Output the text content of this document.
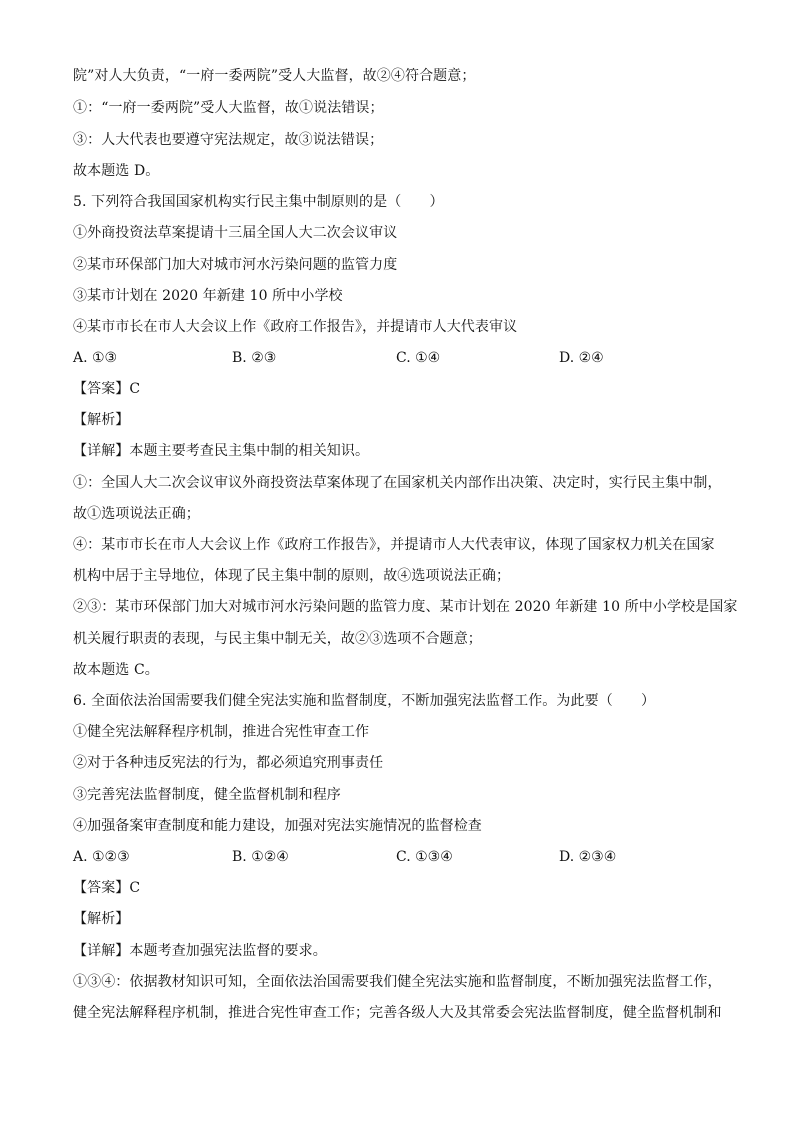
院”对人大负责，“一府一委两院”受人大监督，故②④符合题意；
①：“一府一委两院”受人大监督，故①说法错误；
③：人大代表也要遵守宪法规定，故③说法错误；
故本题选 D。
5. 下列符合我国国家机构实行民主集中制原则的是（　　）
①外商投资法草案提请十三届全国人大二次会议审议
②某市环保部门加大对城市河水污染问题的监管力度
③某市计划在 2020 年新建 10 所中小学校
④某市市长在市人大会议上作《政府工作报告》，并提请市人大代表审议
A. ①③	B. ②③	C. ①④	D. ②④
【答案】C
【解析】
【详解】本题主要考查民主集中制的相关知识。
①：全国人大二次会议审议外商投资法草案体现了在国家机关内部作出决策、决定时，实行民主集中制，
故①选项说法正确；
④：某市市长在市人大会议上作《政府工作报告》，并提请市人大代表审议，体现了国家权力机关在国家
机构中居于主导地位，体现了民主集中制的原则，故④选项说法正确；
②③：某市环保部门加大对城市河水污染问题的监管力度、某市计划在 2020 年新建 10 所中小学校是国家
机关履行职责的表现，与民主集中制无关，故②③选项不合题意；
故本题选 C。
6. 全面依法治国需要我们健全宪法实施和监督制度，不断加强宪法监督工作。为此要（　　）
①健全宪法解释程序机制，推进合宪性审查工作
②对于各种违反宪法的行为，都必须追究刑事责任
③完善宪法监督制度，健全监督机制和程序
④加强备案审查制度和能力建设，加强对宪法实施情况的监督检查
A. ①②③	B. ①②④	C. ①③④	D. ②③④
【答案】C
【解析】
【详解】本题考查加强宪法监督的要求。
①③④：依据教材知识可知，全面依法治国需要我们健全宪法实施和监督制度，不断加强宪法监督工作，
健全宪法解释程序机制，推进合宪性审查工作；完善各级人大及其常委会宪法监督制度，健全监督机制和
